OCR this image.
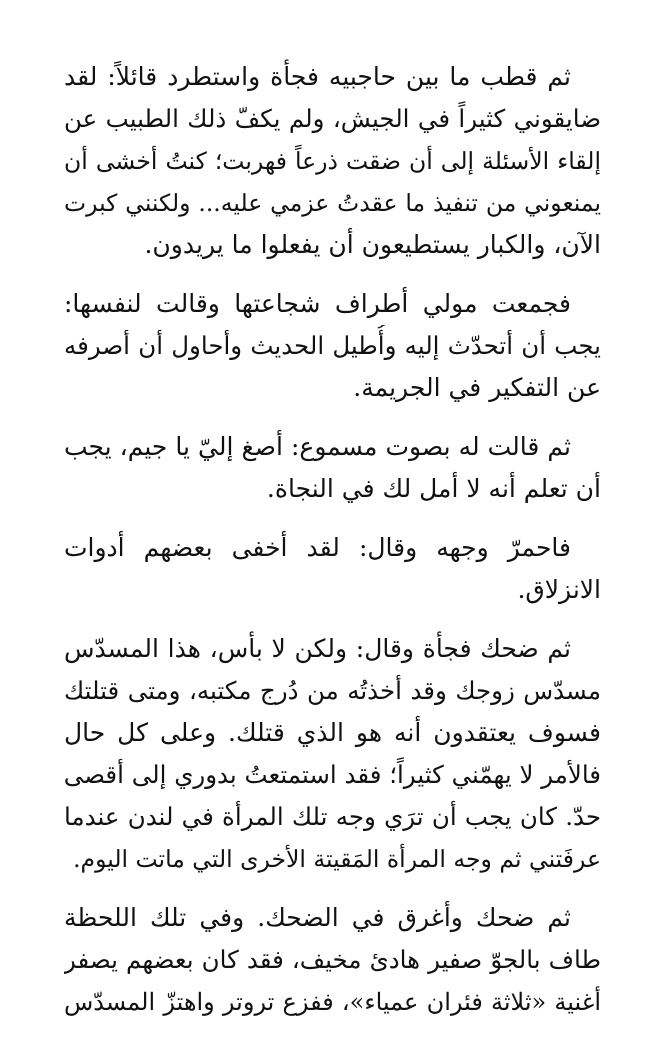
ثم قطب ما بين حاجبيه فجأة واستطرد قائلاً: لقد
ضايقوني كثيراً في الجيش، ولم يكفّ ذلك الطبيب عن
إلقاء الأسئلة إلى أن ضقت ذرعاً فهربت؛ كنتُ أخشى أن
يمنعوني من تنفيذ ما عقدتُ عزمي عليه... ولكنني كبرت
الآن، والكبار يستطيعون أن يفعلوا ما يريدون.
فجمعت مولي أطراف شجاعتها وقالت لنفسها:
يجب أن أتحدّث إليه وأُطيل الحديث وأحاول أن أصرفه
عن التفكير في الجريمة.
ثم قالت له بصوت مسموع: أصغ إليّ يا جيم، يجب
أن تعلم أنه لا أمل لك في النجاة.
فاحمرّ وجهه وقال: لقد أخفى بعضهم أدوات
الانزلاق.
ثم ضحك فجأة وقال: ولكن لا بأس، هذا المسدّس
مسدّس زوجك وقد أخذتُه من دُرج مكتبه، ومتى قتلتك
فسوف يعتقدون أنه هو الذي قتلك. وعلى كل حال
فالأمر لا يهمّني كثيراً؛ فقد استمتعتُ بدوري إلى أقصى
حدّ. كان يجب أن ترَي وجه تلك المرأة في لندن عندما
عرفَتني ثم وجه المرأة المَقيتة الأخرى التي ماتت اليوم.
ثم ضحك وأغرق في الضحك. وفي تلك اللحظة
طاف بالجوّ صفير هادئ مخيف، فقد كان بعضهم يصفر
أغنية «ثلاثة فئران عمياء»، ففزع تروتر واهتزّ المسدّس
